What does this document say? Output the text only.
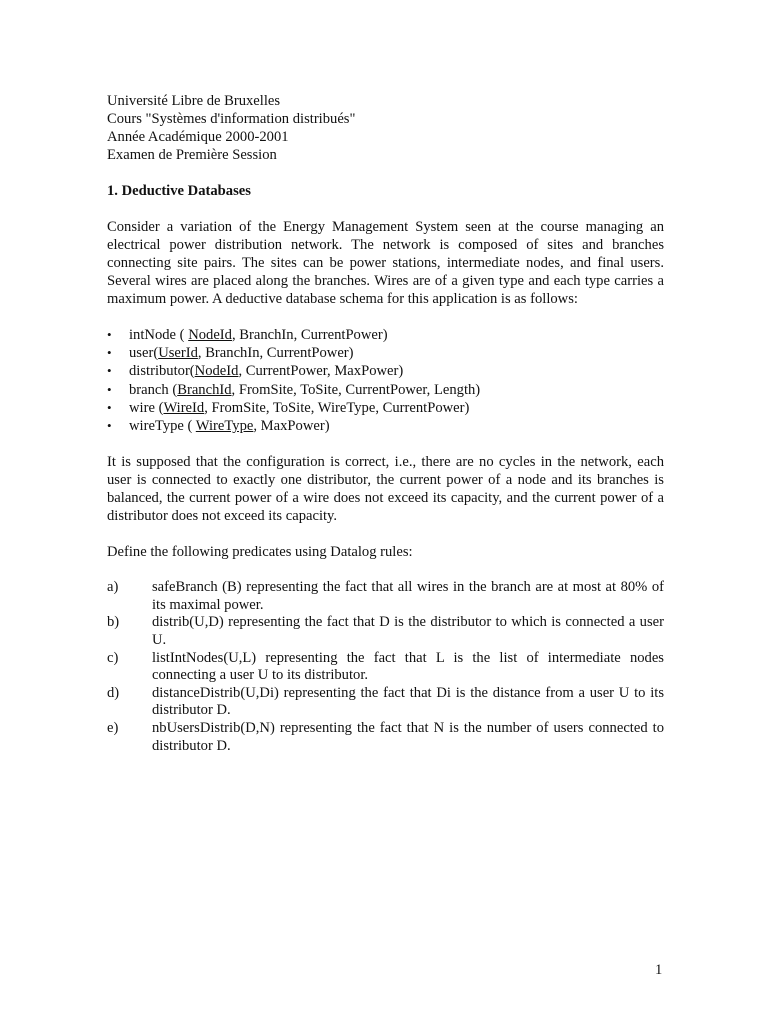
Université Libre de Bruxelles
Cours "Systèmes d'information distribués"
Année Académique 2000-2001
Examen de Première Session
1. Deductive Databases
Consider a variation of the Energy Management System seen at the course managing an electrical power distribution network. The network is composed of sites and branches connecting site pairs. The sites can be power stations, intermediate nodes, and final users. Several wires are placed along the branches. Wires are of a given type and each type carries a maximum power. A deductive database schema for this application is as follows:
• intNode ( NodeId, BranchIn, CurrentPower)
• user(UserId, BranchIn, CurrentPower)
• distributor(NodeId, CurrentPower, MaxPower)
• branch (BranchId, FromSite, ToSite, CurrentPower, Length)
• wire (WireId, FromSite, ToSite, WireType, CurrentPower)
• wireType ( WireType, MaxPower)
It is supposed that the configuration is correct, i.e., there are no cycles in the network, each user is connected to exactly one distributor, the current power of a node and its branches is balanced, the current power of a wire does not exceed its capacity, and the current power of a distributor does not exceed its capacity.
Define the following predicates using Datalog rules:
a) safeBranch (B) representing the fact that all wires in the branch are at most at 80% of its maximal power.
b) distrib(U,D) representing the fact that D is the distributor to which is connected a user U.
c) listIntNodes(U,L) representing the fact that L is the list of intermediate nodes connecting a user U to its distributor.
d) distanceDistrib(U,Di) representing the fact that Di is the distance from a user U to its distributor D.
e) nbUsersDistrib(D,N) representing the fact that N is the number of users connected to distributor D.
1
